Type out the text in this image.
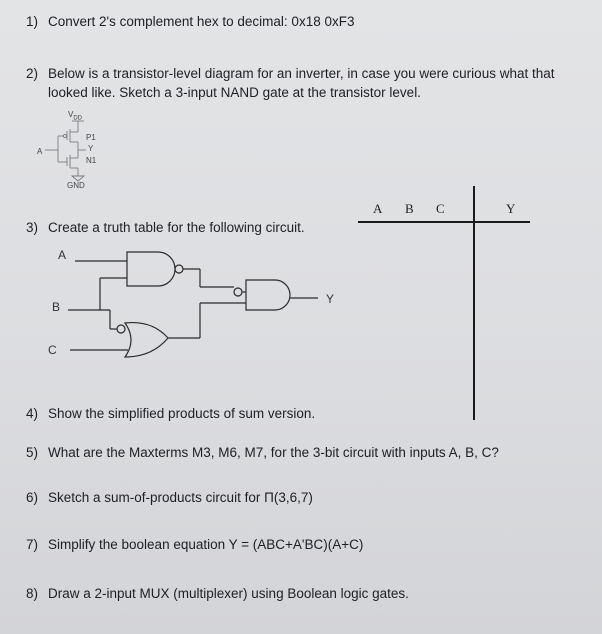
1) Convert 2's complement hex to decimal: 0x18 0xF3
2) Below is a transistor-level diagram for an inverter, in case you were curious what that
looked like. Sketch a 3-input NAND gate at the transistor level.
$V_{DD}$
P1
A	Y
N1
GND
3) Create a truth table for the following circuit.
A B C	Y
A
B
C
Y
4) Show the simplified products of sum version.
5) What are the Maxterms M3, M6, M7, for the 3-bit circuit with inputs A, B, C?
6) Sketch a sum-of-products circuit for Π(3,6,7)
7) Simplify the boolean equation Y = (ABC+A'BC)(A+C)
8) Draw a 2-input MUX (multiplexer) using Boolean logic gates.
